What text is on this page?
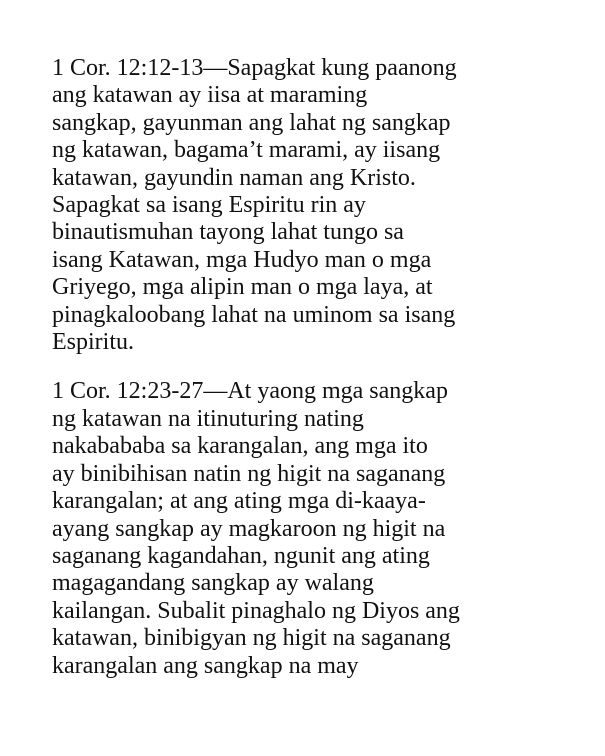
1 Cor. 12:12-13—Sapagkat kung paanong
ang katawan ay iisa at maraming
sangkap, gayunman ang lahat ng sangkap
ng katawan, bagama’t marami, ay iisang
katawan, gayundin naman ang Kristo.
Sapagkat sa isang Espiritu rin ay
binautismuhan tayong lahat tungo sa
isang Katawan, mga Hudyo man o mga
Griyego, mga alipin man o mga laya, at
pinagkaloobang lahat na uminom sa isang
Espiritu.

1 Cor. 12:23-27—At yaong mga sangkap
ng katawan na itinuturing nating
nakabababa sa karangalan, ang mga ito
ay binibihisan natin ng higit na saganang
karangalan; at ang ating mga di-kaaya-
ayang sangkap ay magkaroon ng higit na
saganang kagandahan, ngunit ang ating
magagandang sangkap ay walang
kailangan. Subalit pinaghalo ng Diyos ang
katawan, binibigyan ng higit na saganang
karangalan ang sangkap na may
